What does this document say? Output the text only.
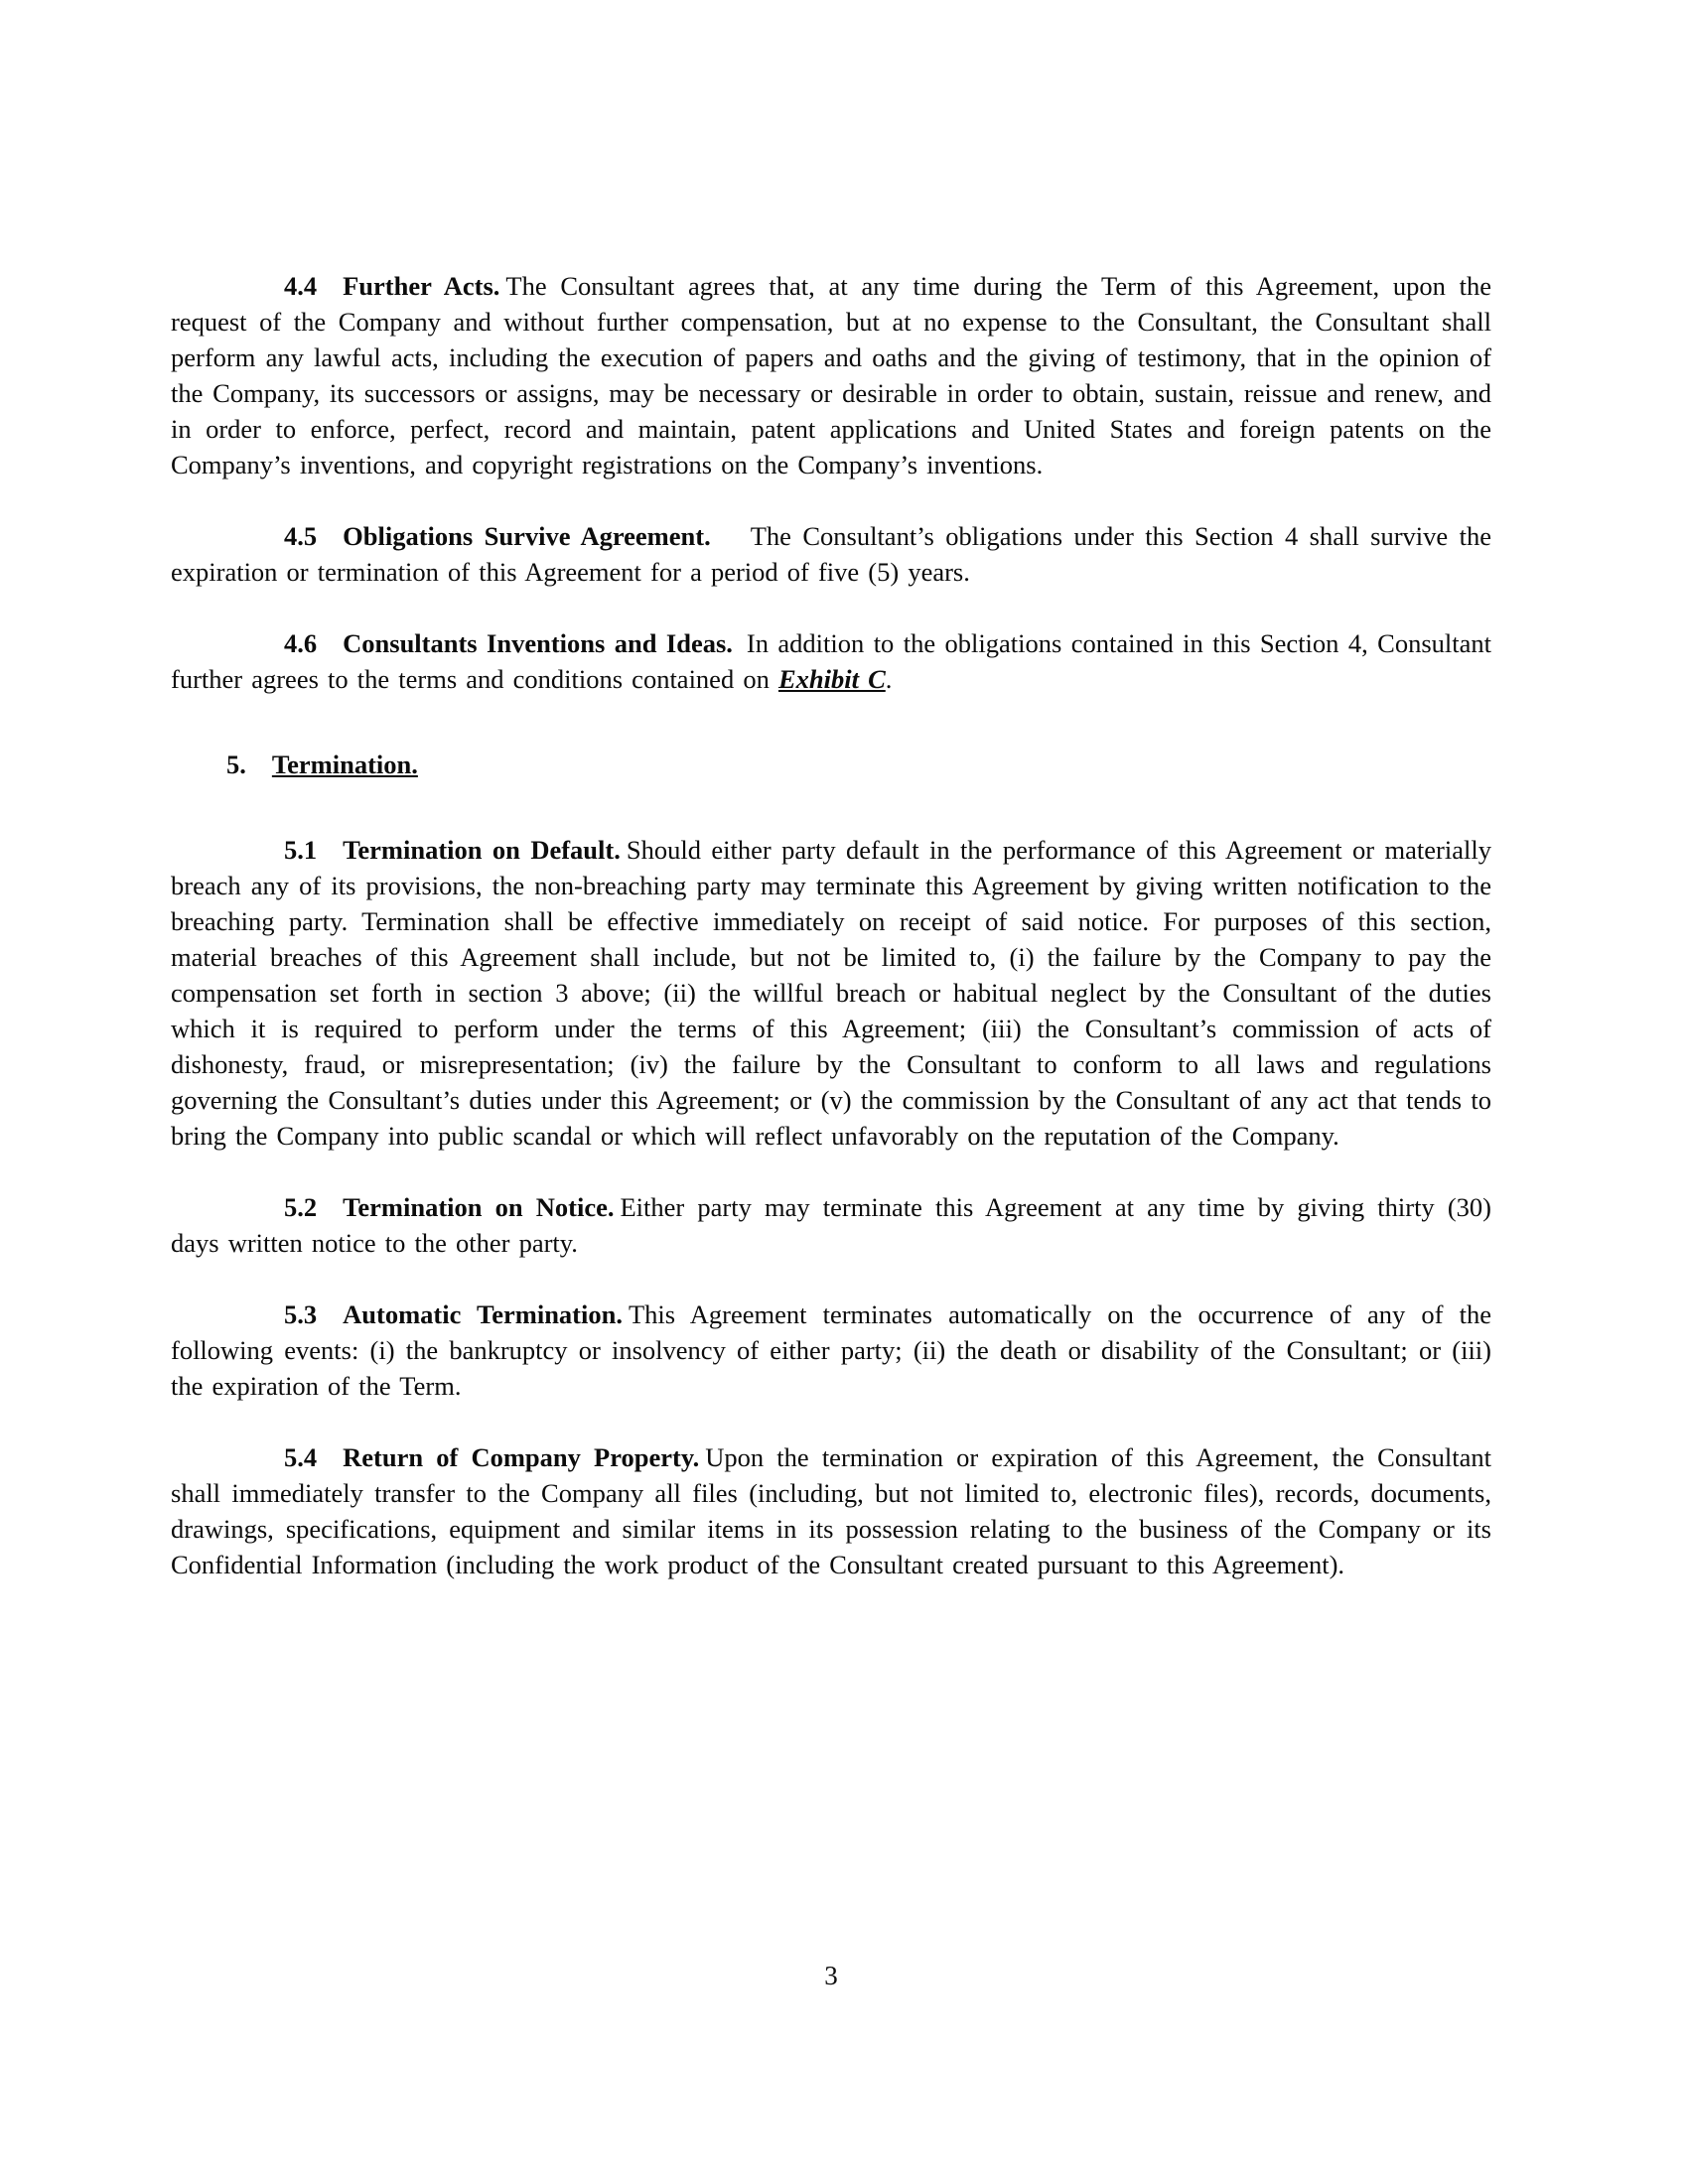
4.4 Further Acts. The Consultant agrees that, at any time during the Term of this Agreement, upon the request of the Company and without further compensation, but at no expense to the Consultant, the Consultant shall perform any lawful acts, including the execution of papers and oaths and the giving of testimony, that in the opinion of the Company, its successors or assigns, may be necessary or desirable in order to obtain, sustain, reissue and renew, and in order to enforce, perfect, record and maintain, patent applications and United States and foreign patents on the Company’s inventions, and copyright registrations on the Company’s inventions.

4.5 Obligations Survive Agreement. The Consultant’s obligations under this Section 4 shall survive the expiration or termination of this Agreement for a period of five (5) years.

4.6 Consultants Inventions and Ideas. In addition to the obligations contained in this Section 4, Consultant further agrees to the terms and conditions contained on Exhibit C.

5. Termination.

5.1 Termination on Default. Should either party default in the performance of this Agreement or materially breach any of its provisions, the non-breaching party may terminate this Agreement by giving written notification to the breaching party. Termination shall be effective immediately on receipt of said notice. For purposes of this section, material breaches of this Agreement shall include, but not be limited to, (i) the failure by the Company to pay the compensation set forth in section 3 above; (ii) the willful breach or habitual neglect by the Consultant of the duties which it is required to perform under the terms of this Agreement; (iii) the Consultant’s commission of acts of dishonesty, fraud, or misrepresentation; (iv) the failure by the Consultant to conform to all laws and regulations governing the Consultant’s duties under this Agreement; or (v) the commission by the Consultant of any act that tends to bring the Company into public scandal or which will reflect unfavorably on the reputation of the Company.

5.2 Termination on Notice. Either party may terminate this Agreement at any time by giving thirty (30) days written notice to the other party.

5.3 Automatic Termination. This Agreement terminates automatically on the occurrence of any of the following events: (i) the bankruptcy or insolvency of either party; (ii) the death or disability of the Consultant; or (iii) the expiration of the Term.

5.4 Return of Company Property. Upon the termination or expiration of this Agreement, the Consultant shall immediately transfer to the Company all files (including, but not limited to, electronic files), records, documents, drawings, specifications, equipment and similar items in its possession relating to the business of the Company or its Confidential Information (including the work product of the Consultant created pursuant to this Agreement).

3
